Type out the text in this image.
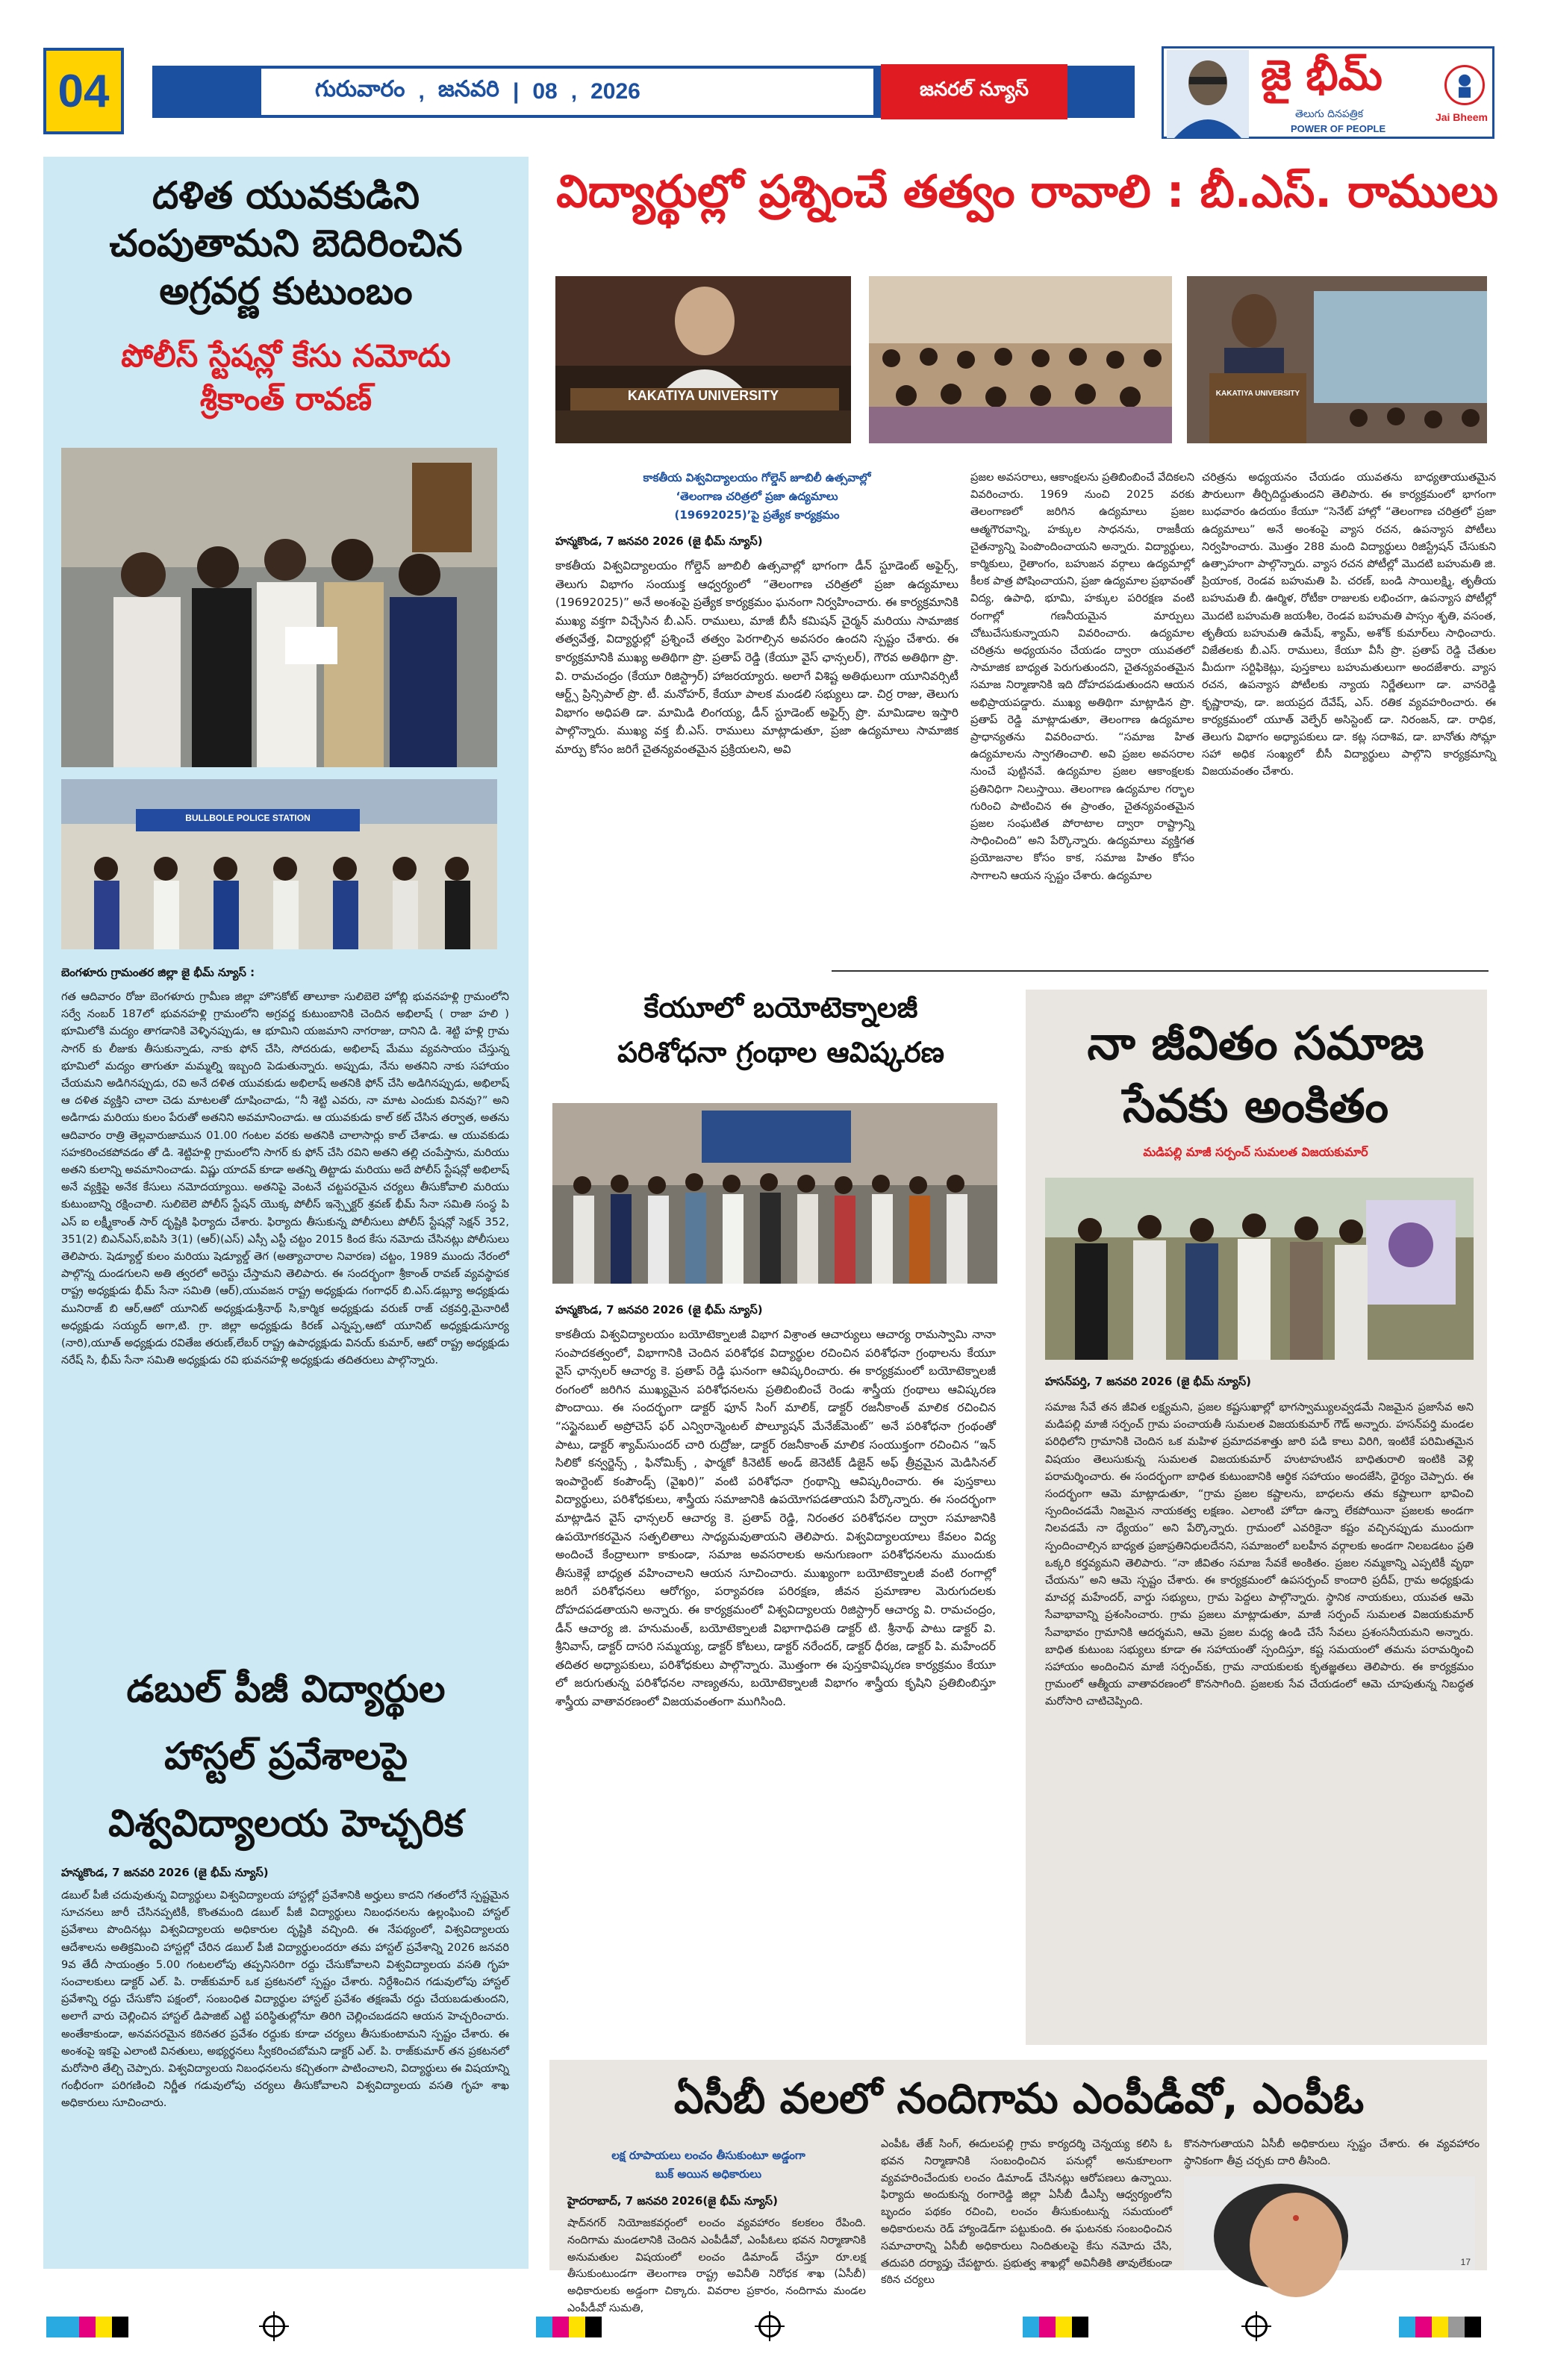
04	గురువారం , జనవరి | 08 , 2026	జనరల్ న్యూస్	జై భీమ్
తెలుగు దినపత్రిక
POWER OF PEOPLE
Jai Bheem
దళిత యువకుడిని
చంపుతామని బెదిరించిన
అగ్రవర్ణ కుటుంబం
పోలీస్ స్టేషన్లో కేసు నమోదు
శ్రీకాంత్ రావణ్
BULLBOLE POLICE STATION
బెంగళూరు గ్రామంతర జిల్లా జై భీమ్ న్యూస్ :
గత ఆదివారం రోజు బెంగళూరు గ్రామీణ జిల్లా హొసకోట్ తాలూకా సులిబెలె హోబ్లి భువనహళ్లి గ్రామంలోని సర్వే నంబర్ 187లో భువనహళ్లి గ్రామంలోని అగ్రవర్ణ కుటుంబానికి చెందిన అభిలాష్ ( రాజా హలి ) భూమిలోకి మద్యం తాగడానికి వెళ్ళినప్పుడు, ఆ భూమిని యజమాని నాగరాజు, దానిని డి. శెట్టి హళ్లి గ్రామ సాగర్ కు లీజుకు తీసుకున్నాడు, నాకు ఫోన్ చేసి, సోదరుడు, అభిలాష్ మేము వ్యవసాయం చేస్తున్న భూమిలో మద్యం తాగుతూ మమ్మల్ని ఇబ్బంది పెడుతున్నారు. అప్పుడు, నేను అతనిని నాకు సహాయం చేయమని అడిగినప్పుడు, రవి అనే దళిత యువకుడు అభిలాష్ అతనికి ఫోన్ చేసి అడిగినప్పుడు, అభిలాష్ ఆ దళిత వ్యక్తిని చాలా చెడు మాటలతో దూషించాడు, “నీ శెట్టి ఎవరు, నా మాట ఎందుకు వినవు?” అని అడిగాడు మరియు కులం పేరుతో అతనిని అవమానించాడు. ఆ యువకుడు కాల్ కట్ చేసిన తర్వాత, అతను ఆదివారం రాత్రి తెల్లవారుజామున 01.00 గంటల వరకు అతనికి చాలాసార్లు కాల్ చేశాడు. ఆ యువకుడు సహకరించకపోవడం తో డి. శెట్టిహళ్లి గ్రామంలోని సాగర్ కు ఫోన్ చేసి రవిని అతని తల్లి చంపేస్తాను, మరియు అతని కులాన్ని అవమానించాడు. విష్ణు యాదవ్ కూడా అతన్ని తిట్టాడు మరియు అదే పోలీస్ స్టేషన్లో అభిలాష్ అనే వ్యక్తిపై అనేక కేసులు నమోదయ్యాయి. అతనిపై వెంటనే చట్టపరమైన చర్యలు తీసుకోవాలి మరియు కుటుంబాన్ని రక్షించాలి. సులిబెలె పోలీస్ స్టేషన్ యొక్క పోలీస్ ఇన్స్పెక్టర్ శ్రవణ్ భీమ్ సేనా సమితి సంస్థ పి ఎస్ ఐ లక్ష్మీకాంత్ సార్ దృష్టికి ఫిర్యాదు చేశారు. ఫిర్యాదు తీసుకున్న పోలీసులు పోలీస్ స్టేషన్లో సెక్షన్ 352, 351(2) బిఎన్ఎస్,ఐపిసి 3(1) (ఆర్)(ఎస్) ఎస్సీ ఎస్టీ చట్టం 2015 కింద కేసు నమోదు చేసినట్లు పోలీసులు తెలిపారు. షెడ్యూల్డ్ కులం మరియు షెడ్యూల్డ్ తెగ (అత్యాచారాల నివారణ) చట్టం, 1989 ముందు నేరంలో పాల్గొన్న దుండగులని అతి త్వరలో అరెస్టు చేస్తామని తెలిపారు. ఈ సందర్భంగా శ్రీకాంత్ రావణ్ వ్యవస్థాపక రాష్ట్ర అధ్యక్షుడు భీమ్ సేనా సమితి (ఆర్),యువజన రాష్ట్ర అధ్యక్షుడు గంగాధర్ బి.ఎస్.డబ్ల్యూ అధ్యక్షుడు మునిరాజ్ బి ఆర్,ఆటో యూనిట్ అధ్యక్షుడుశ్రీనాథ్ సి,కార్మిక అధ్యక్షుడు వరుణ్ రాజ్ చక్రవర్తి,మైనారిటీ అధ్యక్షుడు సయ్యద్ అగా,టి. గ్రా. జిల్లా అధ్యక్షుడు కిరణ్ ఎన్నప్ప,ఆటో యూనిట్ అధ్యక్షుడుసూర్య (నారి),యూత్ అధ్యక్షుడు రవితేజ తరుణ్,లేబర్ రాష్ట్ర ఉపాధ్యక్షుడు వినయ్ కుమార్, ఆటో రాష్ట్ర అధ్యక్షుడు నరేష్ సి, భీమ్ సేనా సమితి అధ్యక్షుడు రవి భువనహళ్లి అధ్యక్షుడు తదితరులు పాల్గొన్నారు.
డబుల్ పీజీ విద్యార్థుల
హాస్టల్ ప్రవేశాలపై
విశ్వవిద్యాలయ హెచ్చరిక
హన్మకొండ, 7 జనవరి 2026 (జై భీమ్ న్యూస్)
డబుల్ పీజీ చదువుతున్న విద్యార్థులు విశ్వవిద్యాలయ హాస్టల్లో ప్రవేశానికి అర్హులు కాదని గతంలోనే స్పష్టమైన సూచనలు జారీ చేసినప్పటికీ, కొంతమంది డబుల్ పీజీ విద్యార్థులు నిబంధనలను ఉల్లంఘించి హాస్టల్ ప్రవేశాలు పొందినట్లు విశ్వవిద్యాలయ అధికారుల దృష్టికి వచ్చింది. ఈ నేపథ్యంలో, విశ్వవిద్యాలయ ఆదేశాలను అతిక్రమించి హాస్టల్లో చేరిన డబుల్ పీజీ విద్యార్థులందరూ తమ హాస్టల్ ప్రవేశాన్ని 2026 జనవరి 9వ తేదీ సాయంత్రం 5.00 గంటలలోపు తప్పనిసరిగా రద్దు చేసుకోవాలని విశ్వవిద్యాలయ వసతి గృహ సంచాలకులు డాక్టర్ ఎల్. పి. రాజ్‌కుమార్ ఒక ప్రకటనలో స్పష్టం చేశారు. నిర్దేశించిన గడువులోపు హాస్టల్ ప్రవేశాన్ని రద్దు చేసుకోని పక్షంలో, సంబంధిత విద్యార్థుల హాస్టల్ ప్రవేశం తక్షణమే రద్దు చేయబడుతుందని, అలాగే వారు చెల్లించిన హాస్టల్ డిపాజిట్ ఎట్టి పరిస్థితుల్లోనూ తిరిగి చెల్లించబడదని ఆయన హెచ్చరించారు. అంతేకాకుండా, అనవసరమైన కఠినతర ప్రవేశం రద్దుకు కూడా చర్యలు తీసుకుంటామని స్పష్టం చేశారు. ఈ అంశంపై ఇకపై ఎలాంటి వినతులు, అభ్యర్థనలు స్వీకరించబోమని డాక్టర్ ఎల్. పి. రాజ్‌కుమార్ తన ప్రకటనలో మరోసారి తేల్చి చెప్పారు. విశ్వవిద్యాలయ నిబంధనలను కచ్చితంగా పాటించాలని, విద్యార్థులు ఈ విషయాన్ని గంభీరంగా పరిగణించి నిర్ణీత గడువులోపు చర్యలు తీసుకోవాలని విశ్వవిద్యాలయ వసతి గృహ శాఖ అధికారులు సూచించారు.
విద్యార్థుల్లో ప్రశ్నించే తత్వం రావాలి : బీ.ఎస్. రాములు
KAKATIYA UNIVERSITY	KAKATIYA UNIVERSITY
కాకతీయ విశ్వవిద్యాలయం గోల్డెన్ జూబిలీ ఉత్సవాల్లో
‘తెలంగాణ చరిత్రలో ప్రజా ఉద్యమాలు
(19692025)’పై ప్రత్యేక కార్యక్రమం
హన్మకొండ, 7 జనవరి 2026 (జై భీమ్ న్యూస్)
కాకతీయ విశ్వవిద్యాలయం గోల్డెన్ జూబిలీ ఉత్సవాల్లో భాగంగా డీన్ స్టూడెంట్ అఫైర్స్, తెలుగు విభాగం సంయుక్త ఆధ్వర్యంలో “తెలంగాణ చరిత్రలో ప్రజా ఉద్యమాలు (19692025)” అనే అంశంపై ప్రత్యేక కార్యక్రమం ఘనంగా నిర్వహించారు. ఈ కార్యక్రమానికి ముఖ్య వక్తగా విచ్చేసిన బీ.ఎస్. రాములు, మాజీ బీసీ కమిషన్ చైర్మన్ మరియు సామాజిక తత్వవేత్త, విద్యార్థుల్లో ప్రశ్నించే తత్వం పెరగాల్సిన అవసరం ఉందని స్పష్టం చేశారు. ఈ కార్యక్రమానికి ముఖ్య అతిథిగా ప్రొ. ప్రతాప్ రెడ్డి (కేయూ వైస్ ఛాన్సలర్), గౌరవ అతిథిగా ప్రొ. వి. రామచంద్రం (కేయూ రిజిస్ట్రార్) హాజరయ్యారు. అలాగే విశిష్ట అతిథులుగా యూనివర్సిటీ ఆర్ట్స్ ప్రిన్సిపాల్ ప్రొ. టీ. మనోహర్, కేయూ పాలక మండలి సభ్యులు డా. చిర్ర రాజు, తెలుగు విభాగం అధిపతి డా. మామిడి లింగయ్య, డీన్ స్టూడెంట్ అఫైర్స్ ప్రొ. మామిడాల ఇస్తారి పాల్గొన్నారు. ముఖ్య వక్త బీ.ఎస్. రాములు మాట్లాడుతూ, ప్రజా ఉద్యమాలు సామాజిక మార్పు కోసం జరిగే చైతన్యవంతమైన ప్రక్రియలని, అవి
ప్రజల అవసరాలు, ఆకాంక్షలను ప్రతిబింబించే వేదికలని వివరించారు. 1969 నుంచి 2025 వరకు తెలంగాణలో జరిగిన ఉద్యమాలు ప్రజల ఆత్మగౌరవాన్ని, హక్కుల సాధనను, రాజకీయ చైతన్యాన్ని పెంపొందించాయని అన్నారు. విద్యార్థులు, కార్మికులు, రైతాంగం, బహుజన వర్గాలు ఉద్యమాల్లో కీలక పాత్ర పోషించాయని, ప్రజా ఉద్యమాల ప్రభావంతో విద్య, ఉపాధి, భూమి, హక్కుల పరిరక్షణ వంటి రంగాల్లో గణనీయమైన మార్పులు చోటుచేసుకున్నాయని వివరించారు. ఉద్యమాల చరిత్రను అధ్యయనం చేయడం ద్వారా యువతలో సామాజిక బాధ్యత పెరుగుతుందని, చైతన్యవంతమైన సమాజ నిర్మాణానికి ఇది దోహదపడుతుందని ఆయన అభిప్రాయపడ్డారు. ముఖ్య అతిథిగా మాట్లాడిన ప్రొ. ప్రతాప్ రెడ్డి మాట్లాడుతూ, తెలంగాణ ఉద్యమాల ప్రాధాన్యతను వివరించారు. “సమాజ హిత ఉద్యమాలను స్వాగతించాలి. అవి ప్రజల అవసరాల నుంచే పుట్టినవే. ఉద్యమాల ప్రజల ఆకాంక్షలకు ప్రతినిధిగా నిలుస్తాయి. తెలంగాణ ఉద్యమాల గర్భాల గురించి పాటించిన ఈ ప్రాంతం, చైతన్యవంతమైన ప్రజల సంఘటిత పోరాటాల ద్వారా రాష్ట్రాన్ని సాధించింది” అని పేర్కొన్నారు. ఉద్యమాలు వ్యక్తిగత ప్రయోజనాల కోసం కాక, సమాజ హితం కోసం సాగాలని ఆయన స్పష్టం చేశారు. ఉద్యమాల
చరిత్రను అధ్యయనం చేయడం యువతను బాధ్యతాయుతమైన పౌరులుగా తీర్చిదిద్దుతుందని తెలిపారు. ఈ కార్యక్రమంలో భాగంగా బుధవారం ఉదయం కేయూ “సెనేట్ హాల్లో “తెలంగాణ చరిత్రలో ప్రజా ఉద్యమాలు” అనే అంశంపై వ్యాస రచన, ఉపన్యాస పోటీలు నిర్వహించారు. మొత్తం 288 మంది విద్యార్థులు రిజిస్ట్రేషన్ చేసుకుని ఉత్సాహంగా పాల్గొన్నారు. వ్యాస రచన పోటీల్లో మొదటి బహుమతి జి. ప్రియాంక, రెండవ బహుమతి పి. చరణ్, బండి సాయిలక్ష్మి, తృతీయ బహుమతి బీ. ఊర్మిళ, రోటీకా రాజులకు లభించగా, ఉపన్యాస పోటీల్లో మొదటి బహుమతి జయశీల, రెండవ బహుమతి పాస్సం శృతి, వసంత, తృతీయ బహుమతి ఉమేష్, శ్యామ్, అశోక్ కుమార్‌లు సాధించారు. విజేతలకు బీ.ఎస్. రాములు, కేయూ వీసీ ప్రొ. ప్రతాప్ రెడ్డి చేతుల మీదుగా సర్టిఫికెట్లు, పుస్తకాలు బహుమతులుగా అందజేశారు. వ్యాస రచన, ఉపన్యాస పోటీలకు న్యాయ నిర్ణేతలుగా డా. వానరెడ్డి కృష్ణారావు, డా. జయప్రద దేవేష్, ఎస్. రతిక వ్యవహరించారు. ఈ కార్యక్రమంలో యూత్ వెల్ఫేర్ అసిస్టెంట్ డా. నిరంజన్, డా. రాధిక, తెలుగు విభాగం అధ్యాపకులు డా. కట్ల సదాశివ, డా. బానోతు సోమ్లా సహా అధిక సంఖ్యలో బీసీ విద్యార్థులు పాల్గొని కార్యక్రమాన్ని విజయవంతం చేశారు.
కేయూలో బయోటెక్నాలజీ
పరిశోధనా గ్రంథాల ఆవిష్కరణ
హన్మకొండ, 7 జనవరి 2026 (జై భీమ్ న్యూస్)
కాకతీయ విశ్వవిద్యాలయం బయోటెక్నాలజీ విభాగ విశ్రాంత ఆచార్యులు ఆచార్య రామస్వామి నానా సంపాదకత్వంలో, విభాగానికి చెందిన పరిశోధక విద్యార్థుల రచించిన పరిశోధనా గ్రంథాలను కేయూ వైస్ ఛాన్సలర్ ఆచార్య కె. ప్రతాప్ రెడ్డి ఘనంగా ఆవిష్కరించారు. ఈ కార్యక్రమంలో బయోటెక్నాలజీ రంగంలో జరిగిన ముఖ్యమైన పరిశోధనలను ప్రతిబింబించే రెండు శాస్త్రీయ గ్రంథాలు ఆవిష్కరణ పొందాయి. ఈ సందర్భంగా డాక్టర్ ఫూన్ సింగ్ మాలిక్, డాక్టర్ రజనీకాంత్ మాలిక రచించిన “సస్టైనబుల్ అప్రోచెస్ ఫర్ ఎన్విరాన్మెంటల్ పొల్యూషన్ మేనేజ్‌మెంట్” అనే పరిశోధనా గ్రంథంతో పాటు, డాక్టర్ శ్యామ్‌సుందర్ చారి రుద్రోజు, డాక్టర్ రజనీకాంత్ మాలిక సంయుక్తంగా రచించిన “ఇన్ సిలికో కన్వర్జెన్స్ , ఫినోమిక్స్ , ఫార్మకో కినెటిక్ అండ్ జెనెటిక్ డిజైన్ అఫ్ త్రీవ్రమైన మెడిసినల్ ఇంపార్టెంట్ కంపౌండ్స్ (వైఖరి)” వంటి పరిశోధనా గ్రంథాన్ని ఆవిష్కరించారు. ఈ పుస్తకాలు విద్యార్థులు, పరిశోధకులు, శాస్త్రీయ సమాజానికి ఉపయోగపడతాయని పేర్కొన్నారు. ఈ సందర్భంగా మాట్లాడిన వైస్ ఛాన్సలర్ ఆచార్య కె. ప్రతాప్ రెడ్డి, నిరంతర పరిశోధనల ద్వారా సమాజానికి ఉపయోగకరమైన సత్ఫలితాలు సాధ్యమవుతాయని తెలిపారు. విశ్వవిద్యాలయాలు కేవలం విద్య అందించే కేంద్రాలుగా కాకుండా, సమాజ అవసరాలకు అనుగుణంగా పరిశోధనలను ముందుకు తీసుకెళ్లే బాధ్యత వహించాలని ఆయన సూచించారు. ముఖ్యంగా బయోటెక్నాలజీ వంటి రంగాల్లో జరిగే పరిశోధనలు ఆరోగ్యం, పర్యావరణ పరిరక్షణ, జీవన ప్రమాణాల మెరుగుదలకు దోహదపడతాయని అన్నారు. ఈ కార్యక్రమంలో విశ్వవిద్యాలయ రిజిస్ట్రార్ ఆచార్య వి. రామచంద్రం, డీన్ ఆచార్య జి. హనుమంత్, బయోటెక్నాలజీ విభాగాధిపతి డాక్టర్ టి. శ్రీనాథ్ పాటు డాక్టర్ వి. శ్రీనివాస్, డాక్టర్ దాసరి సమ్మయ్య, డాక్టర్ కోటలు, డాక్టర్ నరేందర్, డాక్టర్ ధీరజ, డాక్టర్ పి. మహేందర్ తదితర అధ్యాపకులు, పరిశోధకులు పాల్గొన్నారు. మొత్తంగా ఈ పుస్తకావిష్కరణ కార్యక్రమం కేయూ లో జరుగుతున్న పరిశోధనల నాణ్యతను, బయోటెక్నాలజీ విభాగం శాస్త్రీయ కృషిని ప్రతిబింబిస్తూ శాస్త్రీయ వాతావరణంలో విజయవంతంగా ముగిసింది.
నా జీవితం సమాజ
సేవకు అంకితం
మడిపల్లి మాజీ సర్పంచ్ సుమలత విజయకుమార్
హసన్‌పర్తి, 7 జనవరి 2026 (జై భీమ్ న్యూస్)
సమాజ సేవే తన జీవిత లక్ష్యమని, ప్రజల కష్టసుఖాల్లో భాగస్వామ్యులవ్వడమే నిజమైన ప్రజాసేవ అని మడిపల్లి మాజీ సర్పంచ్ గ్రామ పంచాయతీ సుమలత విజయకుమార్ గౌడ్ అన్నారు. హసన్‌పర్తి మండల పరిధిలోని గ్రామానికి చెందిన ఒక మహిళ ప్రమాదవశాత్తు జారి పడి కాలు విరిగి, ఇంటికే పరిమితమైన విషయం తెలుసుకున్న సుమలత విజయకుమార్ హుటాహుటిన బాధితురాలి ఇంటికి వెళ్లి పరామర్శించారు. ఈ సందర్భంగా బాధిత కుటుంబానికి ఆర్థిక సహాయం అందజేసి, ధైర్యం చెప్పారు. ఈ సందర్భంగా ఆమె మాట్లాడుతూ, “గ్రామ ప్రజల కష్టాలను, బాధలను తమ కష్టాలుగా భావించి స్పందించడమే నిజమైన నాయకత్వ లక్షణం. ఎలాంటి హోదా ఉన్నా లేకపోయినా ప్రజలకు అండగా నిలవడమే నా ధ్యేయం” అని పేర్కొన్నారు. గ్రామంలో ఎవరికైనా కష్టం వచ్చినప్పుడు ముందుగా స్పందించాల్సిన బాధ్యత ప్రజాప్రతినిధులదేనని, సమాజంలో బలహీన వర్గాలకు అండగా నిలబడటం ప్రతి ఒక్కరి కర్తవ్యమని తెలిపారు. “నా జీవితం సమాజ సేవకే అంకితం. ప్రజల నమ్మకాన్ని ఎప్పటికీ వృథా చేయను” అని ఆమె స్పష్టం చేశారు. ఈ కార్యక్రమంలో ఉపసర్పంచ్ కాందారి ప్రదీప్, గ్రామ అధ్యక్షుడు మాచర్ల మహేందర్, వార్డు సభ్యులు, గ్రామ పెద్దలు పాల్గొన్నారు. స్థానిక నాయకులు, యువత ఆమె సేవాభావాన్ని ప్రశంసించారు. గ్రామ ప్రజలు మాట్లాడుతూ, మాజీ సర్పంచ్ సుమలత విజయకుమార్ సేవాభావం గ్రామానికి ఆదర్శమని, ఆమె ప్రజల మధ్య ఉండి చేసే సేవలు ప్రశంసనీయమని అన్నారు. బాధిత కుటుంబ సభ్యులు కూడా ఈ సహాయంతో స్పందిస్తూ, కష్ట సమయంలో తమను పరామర్శించి సహాయం అందించిన మాజీ సర్పంచ్‌కు, గ్రామ నాయకులకు కృతజ్ఞతలు తెలిపారు. ఈ కార్యక్రమం గ్రామంలో ఆత్మీయ వాతావరణంలో కొనసాగింది. ప్రజలకు సేవ చేయడంలో ఆమె చూపుతున్న నిబద్ధత మరోసారి చాటిచెప్పింది.
ఏసీబీ వలలో నందిగామ ఎంపీడీవో, ఎంపీఓ
లక్ష రూపాయలు లంచం తీసుకుంటూ అడ్డంగా
బుక్ అయిన అధికారులు
హైదరాబాద్, 7 జనవరి 2026(జై భీమ్ న్యూస్)
షాద్‌నగర్ నియోజకవర్గంలో లంచం వ్యవహారం కలకలం రేపింది. నందిగామ మండలానికి చెందిన ఎంపీడీవో, ఎంపీఓలు భవన నిర్మాణానికి అనుమతుల విషయంలో లంచం డిమాండ్ చేస్తూ రూ.లక్ష తీసుకుంటుండగా తెలంగాణ రాష్ట్ర అవినీతి నిరోధక శాఖ (ఏసీబీ) అధికారులకు అడ్డంగా చిక్కారు. వివరాల ప్రకారం, నందిగామ మండల ఎంపీడీవో సుమతి,
ఎంపీఓ తేజ్ సింగ్, ఈదులపల్లి గ్రామ కార్యదర్శి చెన్నయ్య కలిసి ఓ భవన నిర్మాణానికి సంబంధించిన పనుల్లో అనుకూలంగా వ్యవహరించేందుకు లంచం డిమాండ్ చేసినట్లు ఆరోపణలు ఉన్నాయి. ఫిర్యాదు అందుకున్న రంగారెడ్డి జిల్లా ఏసీబీ డీఎస్పీ ఆధ్వర్యంలోని బృందం పథకం రచించి, లంచం తీసుకుంటున్న సమయంలో అధికారులను రెడ్ హ్యాండెడ్‌గా పట్టుకుంది. ఈ ఘటనకు సంబంధించిన సమాచారాన్ని ఏసీబీ అధికారులు నిందితులపై కేసు నమోదు చేసి, తదుపరి దర్యాప్తు చేపట్టారు. ప్రభుత్వ శాఖల్లో అవినీతికి తావులేకుండా కఠిన చర్యలు
కొనసాగుతాయని ఏసీబీ అధికారులు స్పష్టం చేశారు. ఈ వ్యవహారం స్థానికంగా తీవ్ర చర్చకు దారి తీసింది.
17
